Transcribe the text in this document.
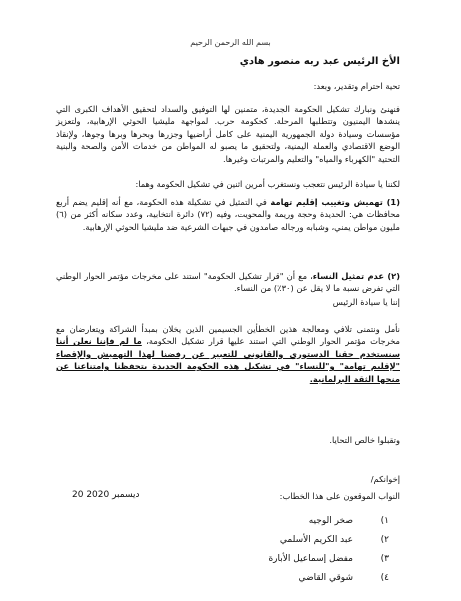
بسم الله الرحمن الرحيم
الأخ الرئيس عبد ربه منصور هادي

تحية احترام وتقدير، وبعد:

فنهنئ ونبارك تشكيل الحكومة الجديدة، متمنين لها التوفيق والسداد لتحقيق الأهداف الكبرى التي ينشدها اليمنيون وتتطلبها المرحلة. كحكومة حرب. لمواجهة مليشيا الحوثي الإرهابية، ولتعزيز مؤسسات وسيادة دولة الجمهورية اليمنية على كامل أراضيها وجزرها وبحرها وبرها وجوها، ولإنقاذ الوضع الاقتصادي والعملة اليمنية، ولتحقيق ما يصبو له المواطن من خدمات الأمن والصحة والبنية التحتية "الكهرباء والمياه" والتعليم والمرتبات وغيرها.

لكننا يا سيادة الرئيس نتعجب ونستغرب أمرين اثنين في تشكيل الحكومة وهما:

(1) تهميش وتغييب إقليم تهامة في التمثيل في تشكيلة هذه الحكومة، مع أنه إقليم يضم أربع محافظات هي: الحديدة وحجة وريمة والمحويت، وفيه (٧٢) دائرة انتخابية، وعدد سكانه أكثر من (٦) مليون مواطن يمني، وشبابه ورجاله صامدون في جبهات الشرعية ضد مليشيا الحوثي الإرهابية.

(٢) عدم تمثيل النساء، مع أن "قرار تشكيل الحكومة" استند على مخرجات مؤتمر الحوار الوطني التي تفرض نسبة ما لا يقل عن (٣٠٪) من النساء.

إننا يا سيادة الرئيس

نأمل ونتمنى تلافي ومعالجة هذين الخطأين الجسيمين الذين يخلان بمبدأ الشراكة ويتعارضان مع مخرجات مؤتمر الحوار الوطني التي استند عليها قرار تشكيل الحكومة، ما لم فإننا نعلن أننا سنستخدم حقنا الدستوري والقانوني للتعبير عن رفضنا لهذا التهميش والإقصاء "لإقليم تهامة" و"للنساء" في تشكيل هذه الحكومة الجديدة بتحفظنا وامتناعنا عن منحها الثقة البرلمانية.

وتقبلوا خالص التحايا.

إخوانكم/
النواب الموقعون على هذا الخطاب:
20 ديسمبر 2020
١)
صخر الوجيه
٢)
عبد الكريم الأسلمي
٣)
مفضل إسماعيل الأبارة
٤)
شوقي القاضي
